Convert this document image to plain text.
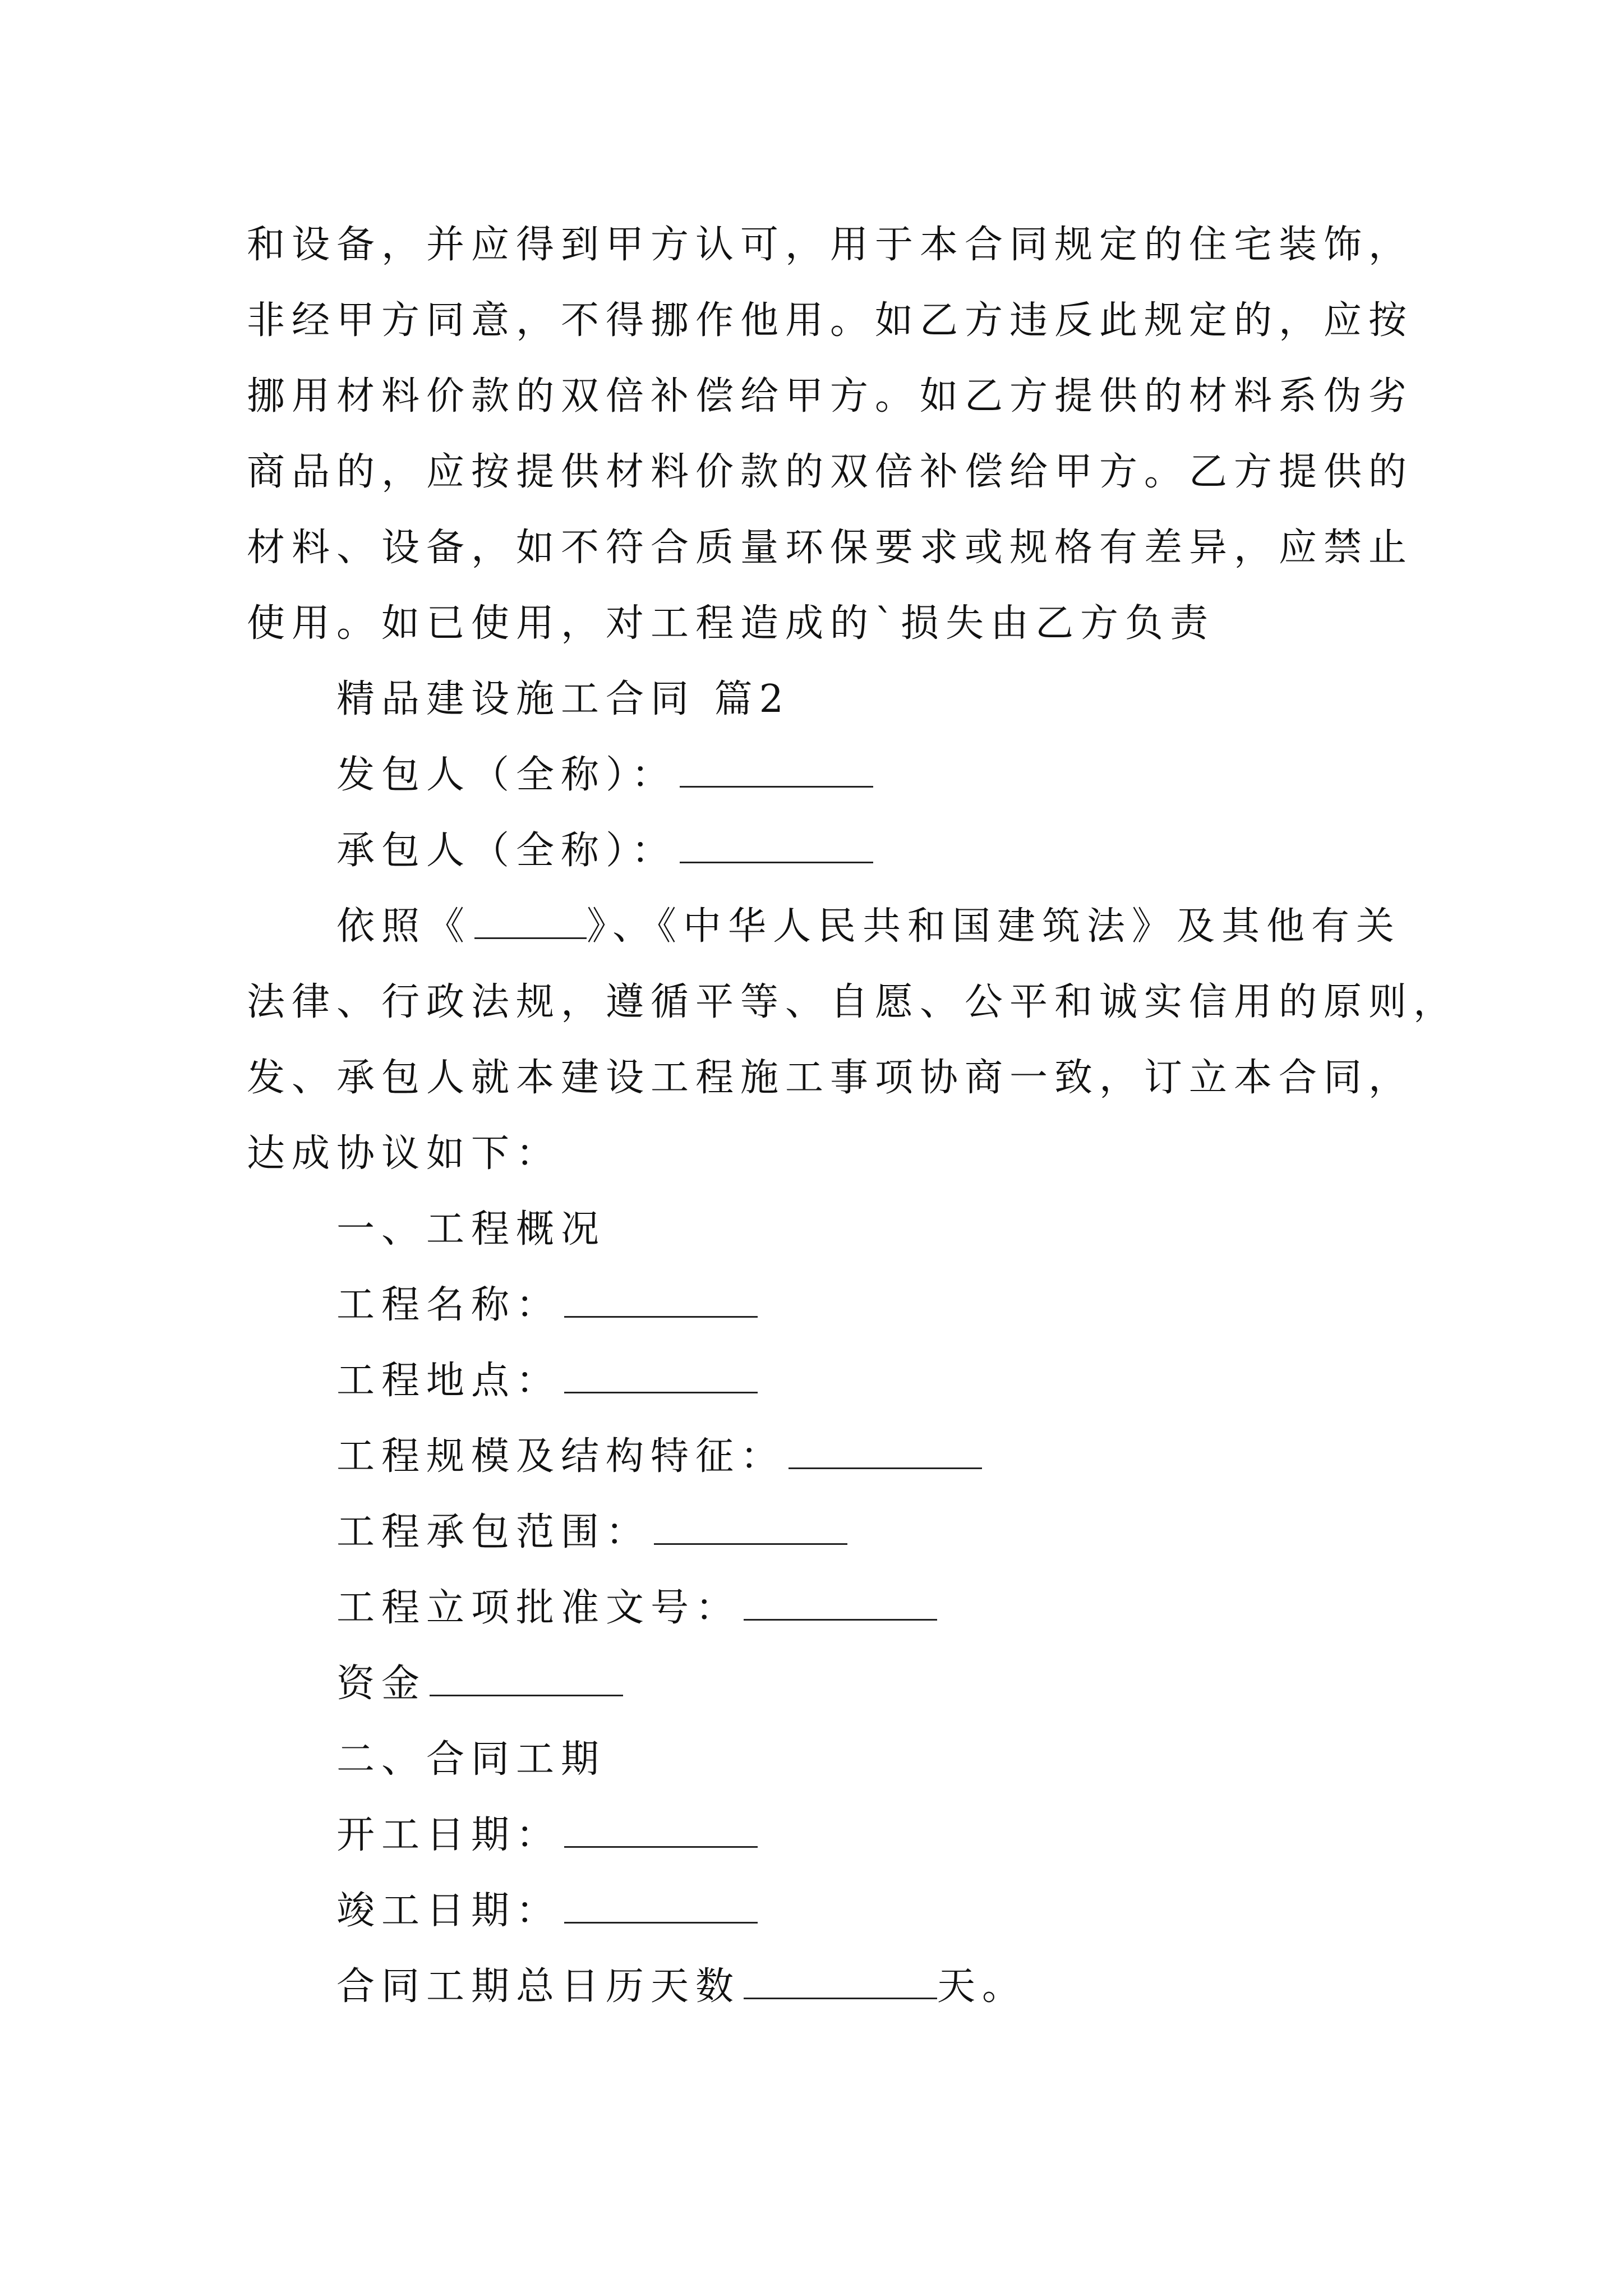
和设备，并应得到甲方认可，用于本合同规定的住宅装饰，
非经甲方同意，不得挪作他用。如乙方违反此规定的，应按
挪用材料价款的双倍补偿给甲方。如乙方提供的材料系伪劣
商品的，应按提供材料价款的双倍补偿给甲方。乙方提供的
材料、设备，如不符合质量环保要求或规格有差异，应禁止
使用。如已使用，对工程造成的`损失由乙方负责
精品建设施工合同 篇2
发包人（全称）：
承包人（全称）：
依照《	》、《中华人民共和国建筑法》及其他有关
法律、行政法规，遵循平等、自愿、公平和诚实信用的原则，
发、承包人就本建设工程施工事项协商一致，订立本合同，
达成协议如下：
一、工程概况
工程名称：
工程地点：
工程规模及结构特征：
工程承包范围：
工程立项批准文号：
资金
二、合同工期
开工日期：
竣工日期：
合同工期总日历天数	天。
